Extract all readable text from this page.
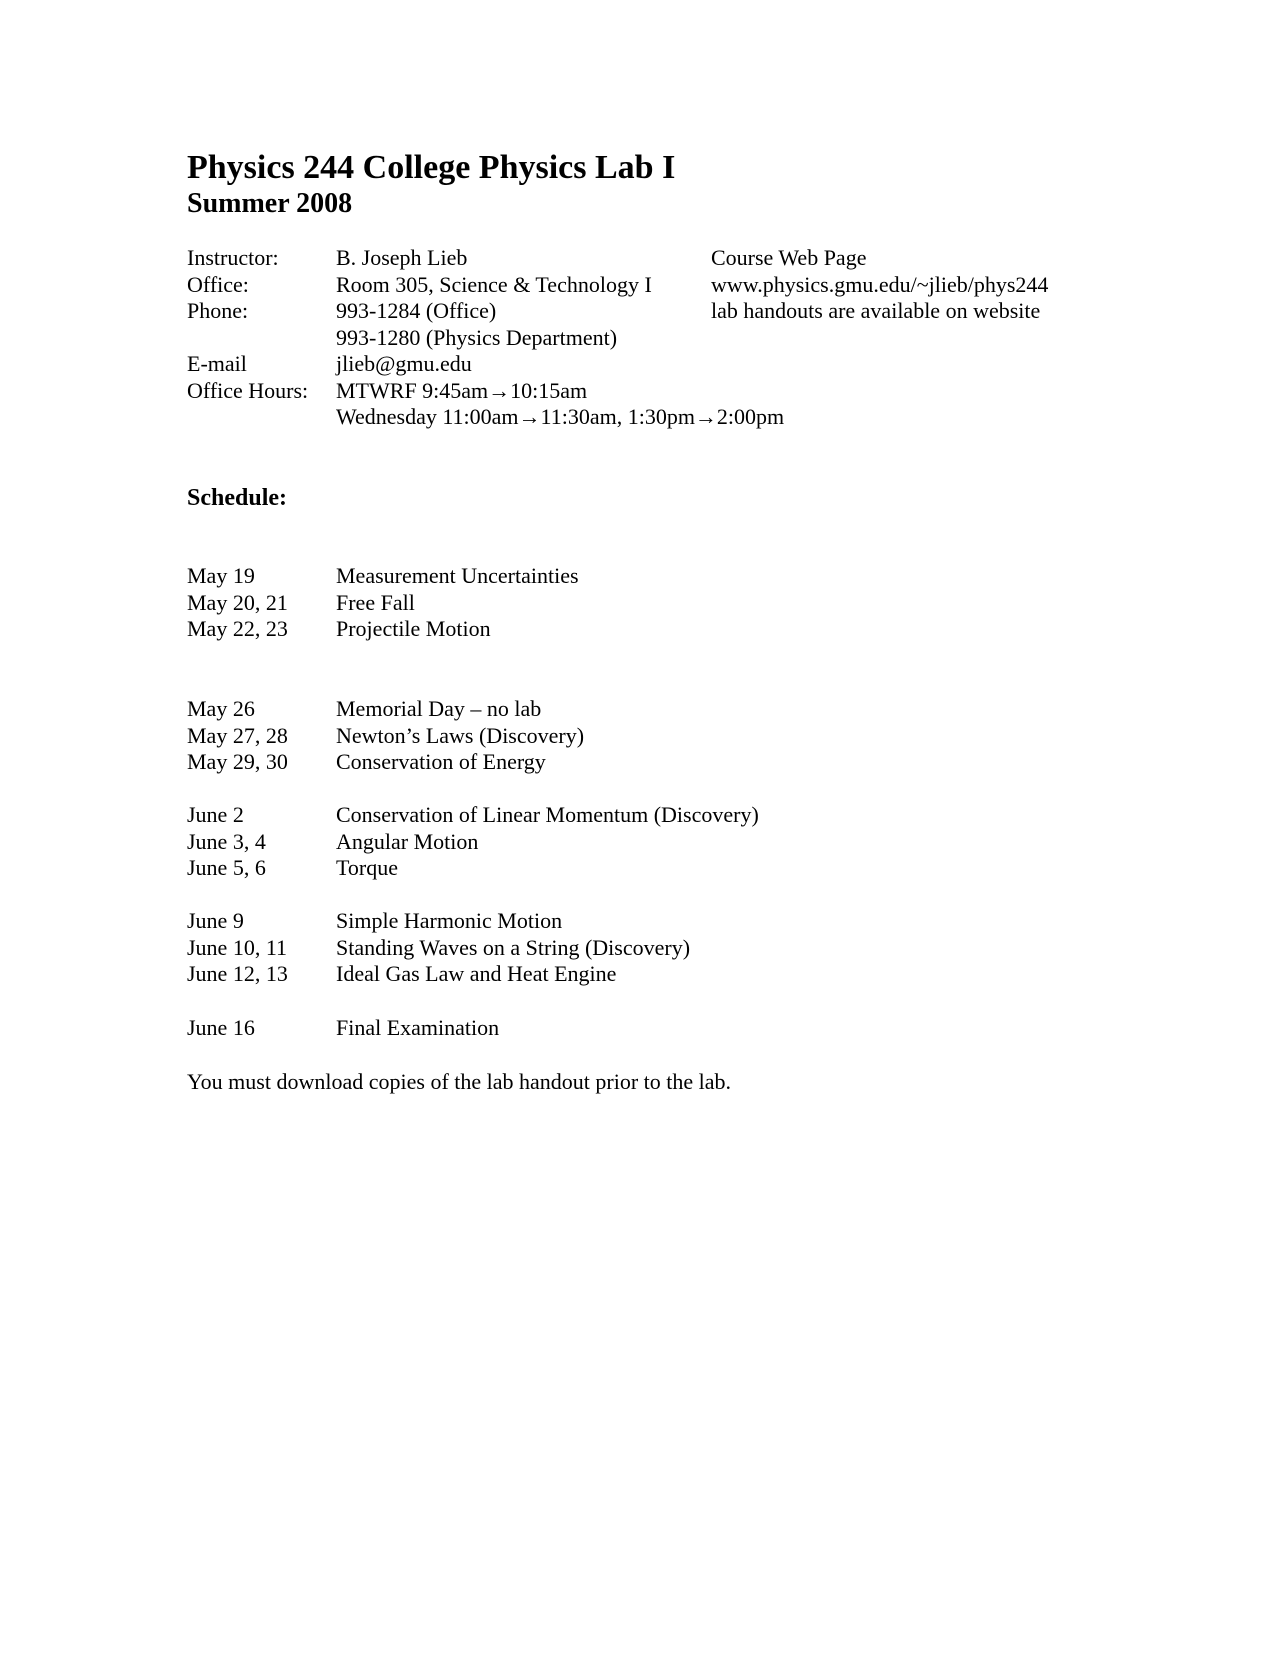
Physics 244 College Physics Lab I
Summer 2008
Instructor:	B. Joseph Lieb	Course Web Page
Office:	Room 305, Science & Technology I	www.physics.gmu.edu/~jlieb/phys244
Phone:	993-1284 (Office)	lab handouts are available on website
993-1280 (Physics Department)
E-mail	jlieb@gmu.edu
Office Hours: MTWRF 9:45am→10:15am
Wednesday 11:00am→11:30am, 1:30pm→2:00pm
Schedule:
May 19	Measurement Uncertainties
May 20, 21 Free Fall
May 22, 23 Projectile Motion
May 26	Memorial Day – no lab
May 27, 28 Newton’s Laws (Discovery)
May 29, 30 Conservation of Energy
June 2	Conservation of Linear Momentum (Discovery)
June 3, 4	Angular Motion
June 5, 6	Torque
June 9	Simple Harmonic Motion
June 10, 11 Standing Waves on a String (Discovery)
June 12, 13 Ideal Gas Law and Heat Engine
June 16	Final Examination

You must download copies of the lab handout prior to the lab.
